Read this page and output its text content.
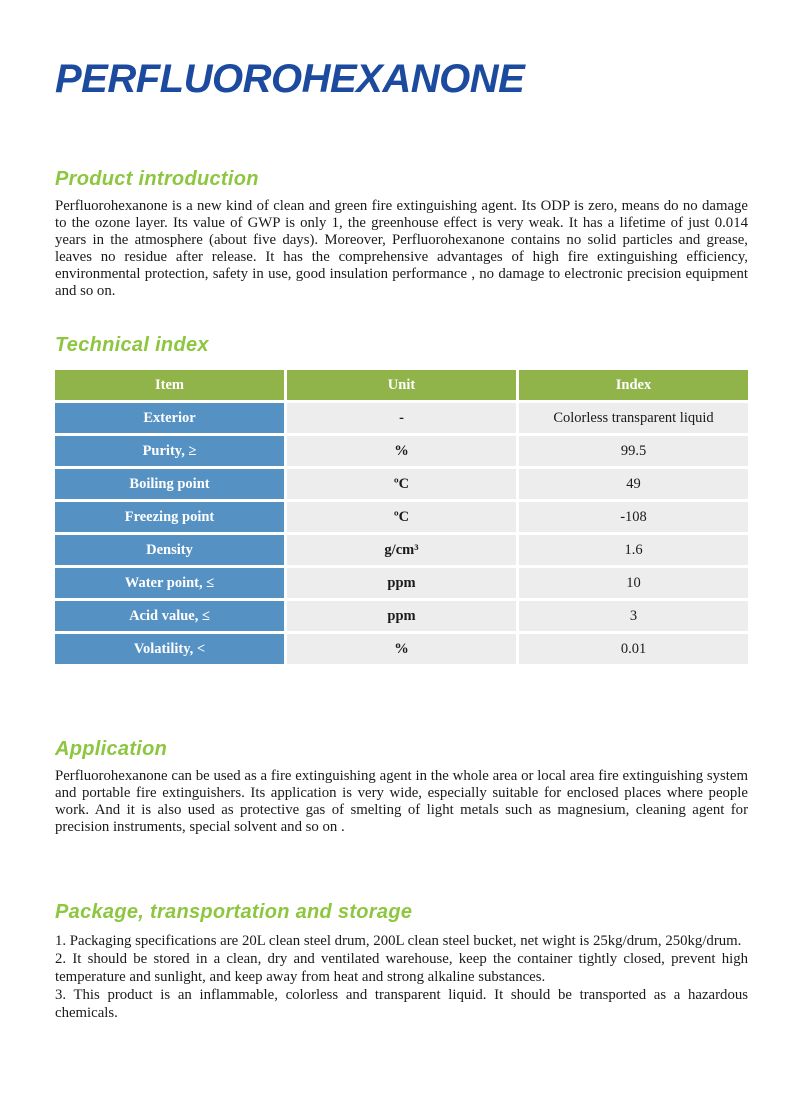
PERFLUOROHEXANONE
Product introduction

Perfluorohexanone is a new kind of clean and green fire extinguishing agent. Its ODP is zero, means do no damage to the ozone layer. Its value of GWP is only 1, the greenhouse effect is very weak. It has a lifetime of just 0.014 years in the atmosphere (about five days). Moreover, Perfluorohexanone contains no solid particles and grease, leaves no residue after release. It has the comprehensive advantages of high fire extinguishing efficiency, environmental protection, safety in use, good insulation performance , no damage to electronic precision equipment and so on.

Technical index
Item	Unit	Index
Exterior	-	Colorless transparent liquid
Purity, ≥	%	99.5
Boiling point	ºC	49
Freezing point	ºC	-108
Density	g/cm³	1.6
Water point, ≤	ppm	10
Acid value, ≤	ppm	3
Volatility, <	%	0.01
Application

Perfluorohexanone can be used as a fire extinguishing agent in the whole area or local area fire extinguishing system and portable fire extinguishers. Its application is very wide, especially suitable for enclosed places where people work. And it is also used as protective gas of smelting of light metals such as magnesium, cleaning agent for precision instruments, special solvent and so on .

Package, transportation and storage

1. Packaging specifications are 20L clean steel drum, 200L clean steel bucket, net wight is 25kg/drum, 250kg/drum.

2. It should be stored in a clean, dry and ventilated warehouse, keep the container tightly closed, prevent high temperature and sunlight, and keep away from heat and strong alkaline substances.

3. This product is an inflammable, colorless and transparent liquid. It should be transported as a hazardous chemicals.
